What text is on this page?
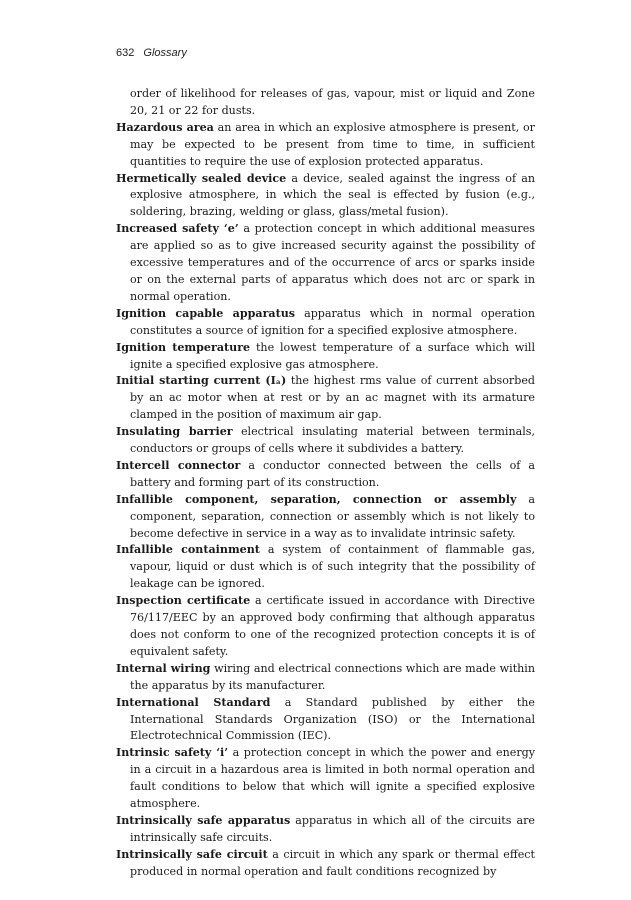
632 Glossary

order of likelihood for releases of gas, vapour, mist or liquid and Zone 20, 21 or 22 for dusts.

Hazardous area an area in which an explosive atmosphere is present, or may be expected to be present from time to time, in sufficient quantities to require the use of explosion protected apparatus.

Hermetically sealed device a device, sealed against the ingress of an explosive atmosphere, in which the seal is effected by fusion (e.g., soldering, brazing, welding or glass, glass/metal fusion).

Increased safety ‘e’ a protection concept in which additional measures are applied so as to give increased security against the possibility of excessive temperatures and of the occurrence of arcs or sparks inside or on the external parts of apparatus which does not arc or spark in normal operation.

Ignition capable apparatus apparatus which in normal operation constitutes a source of ignition for a specified explosive atmosphere.

Ignition temperature the lowest temperature of a surface which will ignite a specified explosive gas atmosphere.

Initial starting current (Iₐ) the highest rms value of current absorbed by an ac motor when at rest or by an ac magnet with its armature clamped in the position of maximum air gap.

Insulating barrier electrical insulating material between terminals, conductors or groups of cells where it subdivides a battery.

Intercell connector a conductor connected between the cells of a battery and forming part of its construction.

Infallible component, separation, connection or assembly a component, separation, connection or assembly which is not likely to become defective in service in a way as to invalidate intrinsic safety.

Infallible containment a system of containment of flammable gas, vapour, liquid or dust which is of such integrity that the possibility of leakage can be ignored.

Inspection certificate a certificate issued in accordance with Directive 76/117/EEC by an approved body confirming that although apparatus does not conform to one of the recognized protection concepts it is of equivalent safety.

Internal wiring wiring and electrical connections which are made within the apparatus by its manufacturer.

International Standard a Standard published by either the International Standards Organization (ISO) or the International Electrotechnical Commission (IEC).

Intrinsic safety ‘i’ a protection concept in which the power and energy in a circuit in a hazardous area is limited in both normal operation and fault conditions to below that which will ignite a specified explosive atmosphere.

Intrinsically safe apparatus apparatus in which all of the circuits are intrinsically safe circuits.

Intrinsically safe circuit a circuit in which any spark or thermal effect produced in normal operation and fault conditions recognized by
